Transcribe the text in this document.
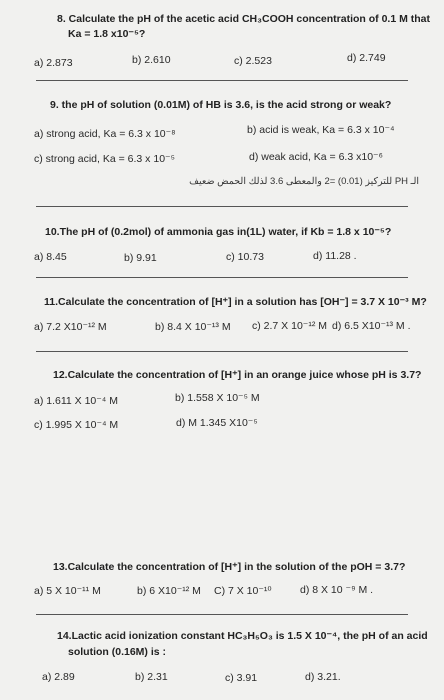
8. Calculate the pH of the acetic acid CH₃COOH concentration of 0.1 M that
Ka = 1.8 x10⁻⁵?
a) 2.873	b) 2.610	c) 2.523	d) 2.749
9. the pH of solution (0.01M) of HB is 3.6, is the acid strong or weak?
a) strong acid, Ka = 6.3 x 10⁻⁸	b) acid is weak, Ka = 6.3 x 10⁻⁴
c) strong acid, Ka = 6.3 x 10⁻⁵	d) weak acid, Ka = 6.3 x10⁻⁶
الـ PH للتركيز (0.01) =2 والمعطى 3.6 لذلك الحمض ضعيف
10.The pH of (0.2mol) of ammonia gas in(1L) water, if Kb = 1.8 x 10⁻⁵?
a) 8.45	b) 9.91	c) 10.73	d) 11.28 .
11.Calculate the concentration of [H⁺] in a solution has [OH⁻] = 3.7 X 10⁻³ M?
a) 7.2 X10⁻¹² M	b) 8.4 X 10⁻¹³ M c) 2.7 X 10⁻¹² M d) 6.5 X10⁻¹³ M .
12.Calculate the concentration of [H⁺] in an orange juice whose pH is 3.7?
a) 1.611 X 10⁻⁴ M	b) 1.558 X 10⁻⁵ M
c) 1.995 X 10⁻⁴ M	d) M 1.345 X10⁻⁵
13.Calculate the concentration of [H⁺] in the solution of the pOH = 3.7?
a) 5 X 10⁻¹¹ M	b) 6 X10⁻¹² M C) 7 X 10⁻¹⁰	d) 8 X 10 ⁻⁹ M .
14.Lactic acid ionization constant HC₃H₅O₃ is 1.5 X 10⁻⁴, the pH of an acid
solution (0.16M) is :
a) 2.89	b) 2.31	c) 3.91	d) 3.21.
